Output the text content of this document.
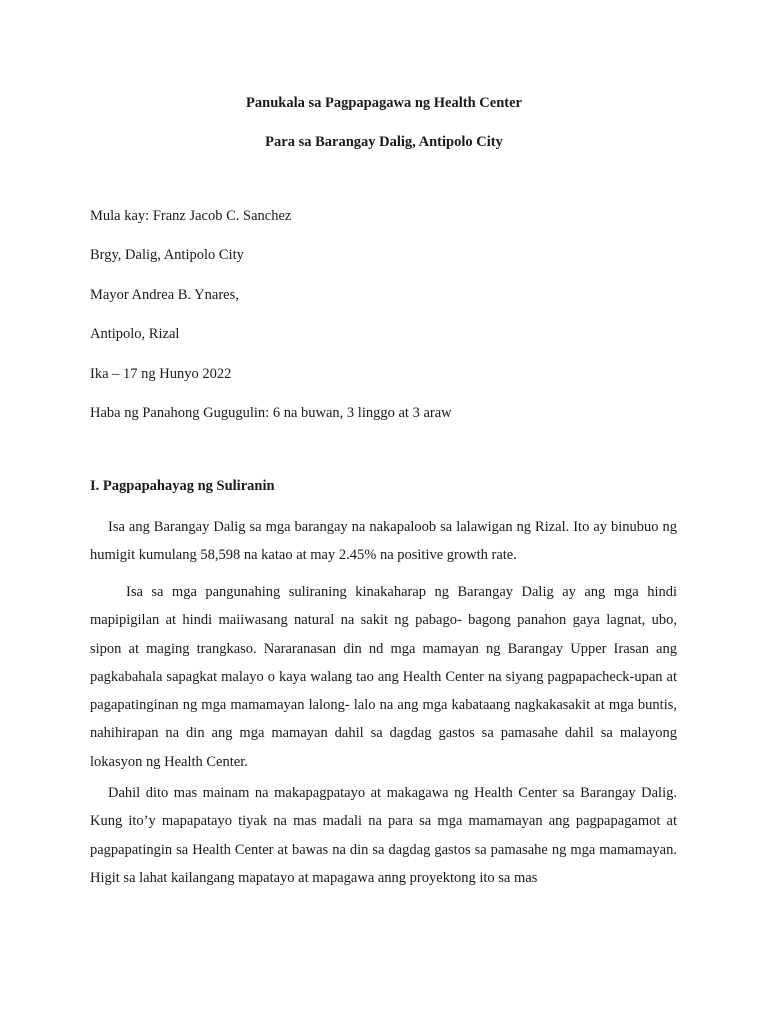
Panukala sa Pagpapagawa ng Health Center

Para sa Barangay Dalig, Antipolo City

Mula kay: Franz Jacob C. Sanchez

Brgy, Dalig, Antipolo City

Mayor Andrea B. Ynares,

Antipolo, Rizal

Ika – 17 ng Hunyo 2022

Haba ng Panahong Gugugulin: 6 na buwan, 3 linggo at 3 araw

I. Pagpapahayag ng Suliranin

Isa ang Barangay Dalig sa mga barangay na nakapaloob sa lalawigan ng Rizal. Ito ay binubuo ng humigit kumulang 58,598 na katao at may 2.45% na positive growth rate.

Isa sa mga pangunahing suliraning kinakaharap ng Barangay Dalig ay ang mga hindi mapipigilan at hindi maiiwasang natural na sakit ng pabago- bagong panahon gaya lagnat, ubo, sipon at maging trangkaso. Nararanasan din nd mga mamayan ng Barangay Upper Irasan ang pagkabahala sapagkat malayo o kaya walang tao ang Health Center na siyang pagpapacheck-upan at pagapatinginan ng mga mamamayan lalong- lalo na ang mga kabataang nagkakasakit at mga buntis, nahihirapan na din ang mga mamayan dahil sa dagdag gastos sa pamasahe dahil sa malayong lokasyon ng Health Center.

Dahil dito mas mainam na makapagpatayo at makagawa ng Health Center sa Barangay Dalig. Kung ito’y mapapatayo tiyak na mas madali na para sa mga mamamayan ang pagpapagamot at pagpapatingin sa Health Center at bawas na din sa dagdag gastos sa pamasahe ng mga mamamayan. Higit sa lahat kailangang mapatayo at mapagawa anng proyektong ito sa mas
